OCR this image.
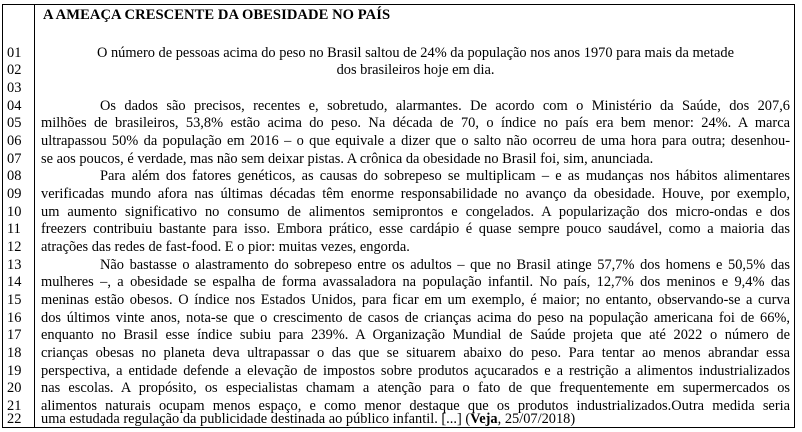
A AMEAÇA CRESCENTE DA OBESIDADE NO PAÍS
01
02
03
04
05
06
07
08
09
10
11
12
13
14
15
16
17
18
19
20
21
22
O número de pessoas acima do peso no Brasil saltou de 24% da população nos anos 1970 para mais da metade
dos brasileiros hoje em dia.
Os dados são precisos, recentes e, sobretudo, alarmantes. De acordo com o Ministério da Saúde, dos 207,6
milhões de brasileiros, 53,8% estão acima do peso. Na década de 70, o índice no país era bem menor: 24%. A marca
ultrapassou 50% da população em 2016 – o que equivale a dizer que o salto não ocorreu de uma hora para outra; desenhou-
se aos poucos, é verdade, mas não sem deixar pistas. A crônica da obesidade no Brasil foi, sim, anunciada.
Para além dos fatores genéticos, as causas do sobrepeso se multiplicam – e as mudanças nos hábitos alimentares
verificadas mundo afora nas últimas décadas têm enorme responsabilidade no avanço da obesidade. Houve, por exemplo,
um aumento significativo no consumo de alimentos semiprontos e congelados. A popularização dos micro-ondas e dos
freezers contribuiu bastante para isso. Embora prático, esse cardápio é quase sempre pouco saudável, como a maioria das
atrações das redes de fast-food. E o pior: muitas vezes, engorda.
Não bastasse o alastramento do sobrepeso entre os adultos – que no Brasil atinge 57,7% dos homens e 50,5% das
mulheres –, a obesidade se espalha de forma avassaladora na população infantil. No país, 12,7% dos meninos e 9,4% das
meninas estão obesos. O índice nos Estados Unidos, para ficar em um exemplo, é maior; no entanto, observando-se a curva
dos últimos vinte anos, nota-se que o crescimento de casos de crianças acima do peso na população americana foi de 66%,
enquanto no Brasil esse índice subiu para 239%. A Organização Mundial de Saúde projeta que até 2022 o número de
crianças obesas no planeta deva ultrapassar o das que se situarem abaixo do peso. Para tentar ao menos abrandar essa
perspectiva, a entidade defende a elevação de impostos sobre produtos açucarados e a restrição a alimentos industrializados
nas escolas. A propósito, os especialistas chamam a atenção para o fato de que frequentemente em supermercados os
alimentos naturais ocupam menos espaço, e como menor destaque que os produtos industrializados.Outra medida seria
uma estudada regulação da publicidade destinada ao público infantil. [...] (Veja, 25/07/2018)
